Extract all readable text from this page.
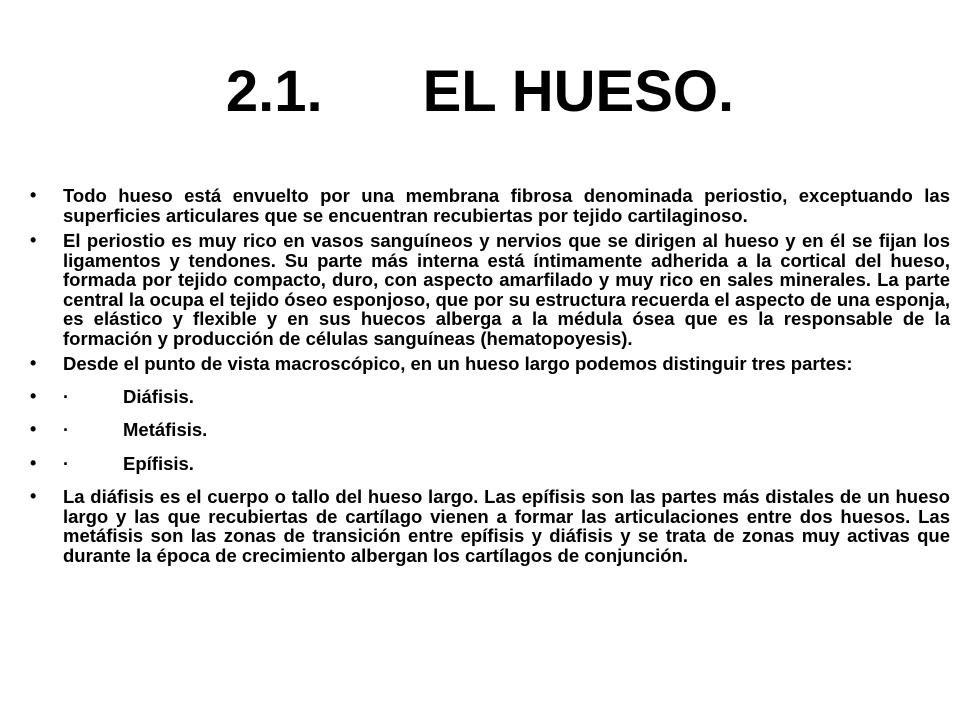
2.1. EL HUESO.
• Todo hueso está envuelto por una membrana fibrosa denominada periostio, exceptuando las superficies articulares que se encuentran recubiertas por tejido cartilaginoso.
• El periostio es muy rico en vasos sanguíneos y nervios que se dirigen al hueso y en él se fijan los ligamentos y tendones. Su parte más interna está íntimamente adherida a la cortical del hueso, formada por tejido compacto, duro, con aspecto amarfilado y muy rico en sales minerales. La parte central la ocupa el tejido óseo esponjoso, que por su estructura recuerda el aspecto de una esponja, es elástico y flexible y en sus huecos alberga a la médula ósea que es la responsable de la formación y producción de células sanguíneas (hematopoyesis).
• Desde el punto de vista macroscópico, en un hueso largo podemos distinguir tres partes:
• ·	Diáfisis.
• ·	Metáfisis.
• ·	Epífisis.
• La diáfisis es el cuerpo o tallo del hueso largo. Las epífisis son las partes más distales de un hueso largo y las que recubiertas de cartílago vienen a formar las articulaciones entre dos huesos. Las metáfisis son las zonas de transición entre epífisis y diáfisis y se trata de zonas muy activas que durante la época de crecimiento albergan los cartílagos de conjunción.
